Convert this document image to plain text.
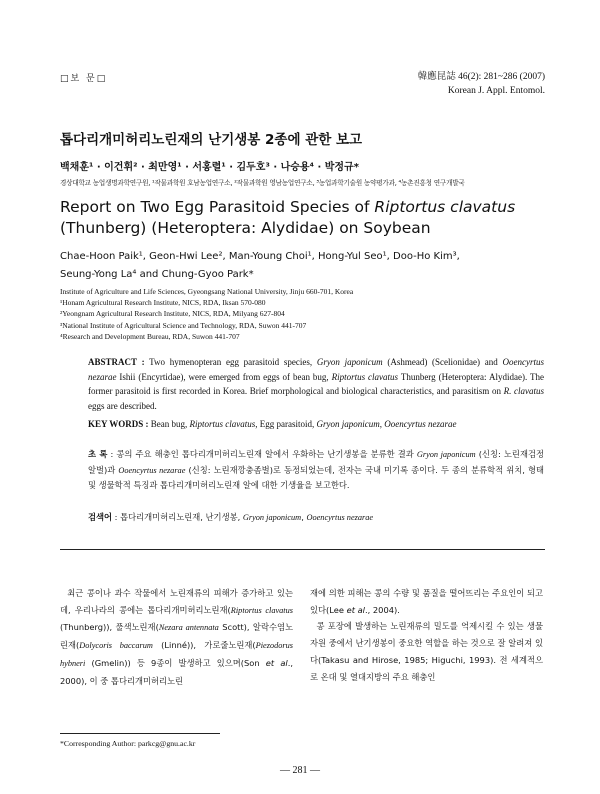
□보 문□	韓應昆誌 46(2): 281~286 (2007)
Korean J. Appl. Entomol.
톱다리개미허리노린재의 난기생봉 2종에 관한 보고
백채훈¹ · 이건휘² · 최만영¹ · 서홍렬¹ · 김두호³ · 나승용⁴ · 박정규*
경상대학교 농업생명과학연구원, ¹작물과학원 호남농업연구소, ²작물과학원 영남농업연구소, ³농업과학기술원 농약평가과, ⁴농촌진흥청 연구개발국
Report on Two Egg Parasitoid Species of Riptortus clavatus (Thunberg) (Heteroptera: Alydidae) on Soybean
Chae-Hoon Paik¹, Geon-Hwi Lee², Man-Young Choi¹, Hong-Yul Seo¹, Doo-Ho Kim³,
Seung-Yong La⁴ and Chung-Gyoo Park*
Institute of Agriculture and Life Sciences, Gyeongsang National University, Jinju 660-701, Korea
¹Honam Agricultural Research Institute, NICS, RDA, Iksan 570-080
²Yeongnam Agricultural Research Institute, NICS, RDA, Milyang 627-804
³National Institute of Agricultural Science and Technology, RDA, Suwon 441-707
⁴Research and Development Bureau, RDA, Suwon 441-707
ABSTRACT : Two hymenopteran egg parasitoid species, Gryon japonicum (Ashmead) (Scelionidae) and Ooencyrtus nezarae Ishii (Encyrtidae), were emerged from eggs of bean bug, Riptortus clavatus Thunberg (Heteroptera: Alydidae). The former parasitoid is first recorded in Korea. Brief morphological and biological characteristics, and parasitism on R. clavatus eggs are described.
KEY WORDS : Bean bug, Riptortus clavatus, Egg parasitoid, Gryon japonicum, Ooencyrtus nezarae
초 록 : 콩의 주요 해충인 톱다리개미허리노린재 알에서 우화하는 난기생봉을 분류한 결과 Gryon japonicum (신칭: 노린재검정알벌)과 Ooencyrtus nezarae (신칭: 노린재깡충좀벌)로 동정되었는데, 전자는 국내 미기록 종이다. 두 종의 분류학적 위치, 형태 및 생물학적 특징과 톱다리개미허리노린재 알에 대한 기생율을 보고한다.
검색어 : 톱다리개미허리노린재, 난기생봉, Gryon japonicum, Ooencyrtus nezarae
최근 콩이나 과수 작물에서 노린재류의 피해가 증가하고 있는데, 우리나라의 콩에는 톱다리개미허리노린재(Riptortus clavatus (Thunberg)), 풀색노린재(Nezara antennata Scott), 알락수염노린재(Dolycoris baccarum (Linné)), 가로줄노린재(Piezodorus hybneri (Gmelin)) 등 9종이 발생하고 있으며(Son et al., 2000), 이 중 톱다리개미허리노린
재에 의한 피해는 콩의 수량 및 품질을 떨어뜨리는 주요인이 되고 있다(Lee et al., 2004).
콩 포장에 발생하는 노린재류의 밀도를 억제시킬 수 있는 생물자원 중에서 난기생봉이 중요한 역할을 하는 것으로 잘 알려져 있다(Takasu and Hirose, 1985; Higuchi, 1993). 전 세계적으로 온대 및 열대지방의 주요 해충인
*Corresponding Author: parkcg@gnu.ac.kr
— 281 —
